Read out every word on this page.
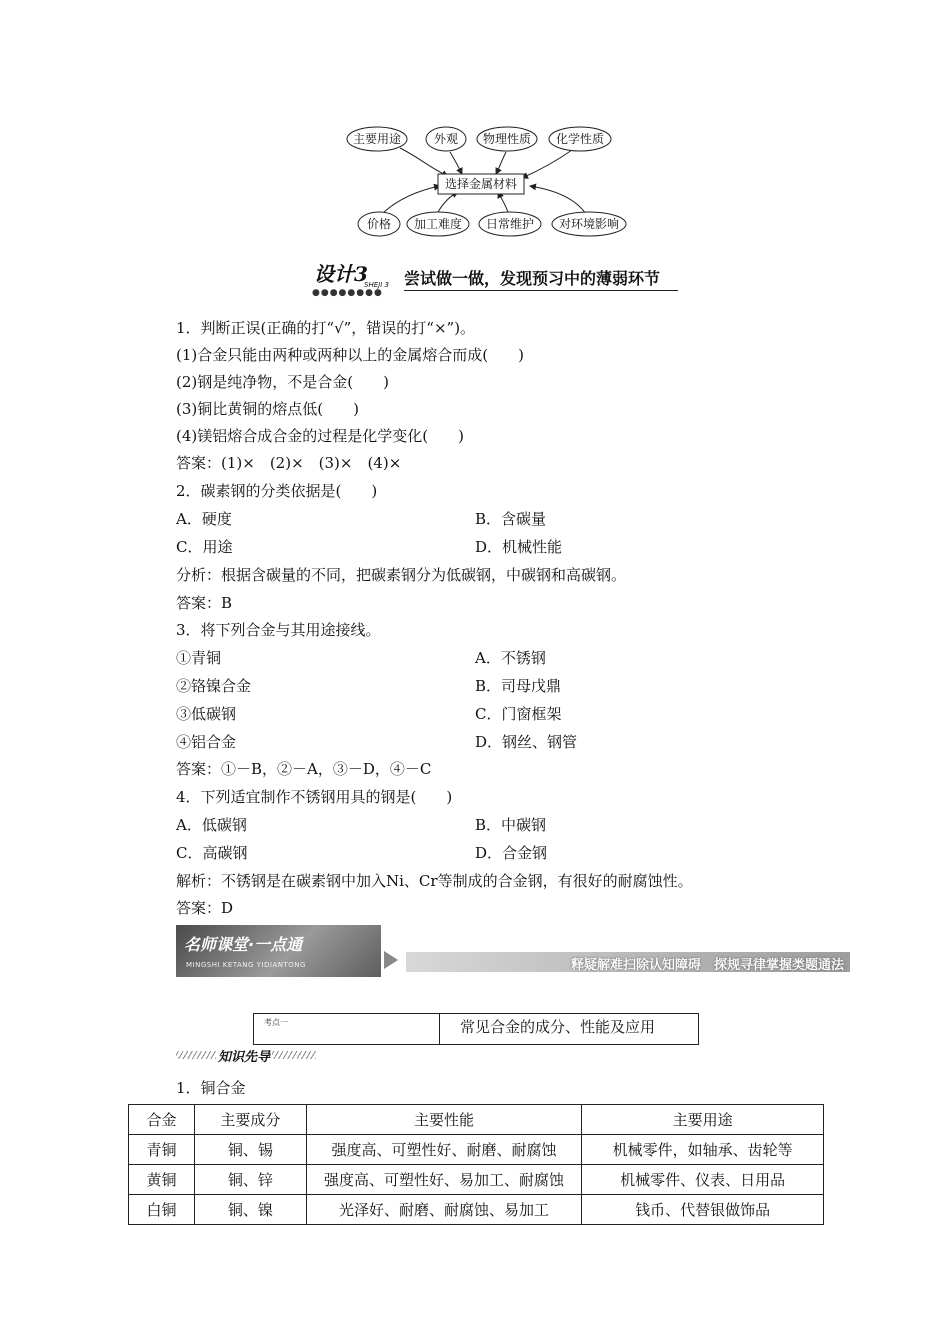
主要用途	外观 物理性质 化学性质
选择金属材料
价格 加工难度 日常维护 对环境影响
设计3
SHEJI 3
●●●●●●●●
尝试做一做，发现预习中的薄弱环节
1．判断正误(正确的打“√”，错误的打“×”)。
(1)合金只能由两种或两种以上的金属熔合而成(　　)
(2)钢是纯净物，不是合金(　　)
(3)铜比黄铜的熔点低(　　)
(4)镁铝熔合成合金的过程是化学变化(　　)
答案：(1)×　(2)×　(3)×　(4)×
2．碳素钢的分类依据是(　　)
A．硬度	B．含碳量
C．用途	D．机械性能
分析：根据含碳量的不同，把碳素钢分为低碳钢，中碳钢和高碳钢。
答案：B
3．将下列合金与其用途接线。
①青铜	A．不锈钢
②铬镍合金	B．司母戊鼎
③低碳钢	C．门窗框架
④铝合金	D．钢丝、钢管
答案：①－B，②－A，③－D，④－C
4．下列适宜制作不锈钢用具的钢是(　　)
A．低碳钢	B．中碳钢
C．高碳钢	D．合金钢
解析：不锈钢是在碳素钢中加入Ni、Cr等制成的合金钢，有很好的耐腐蚀性。
答案：D
名师课堂·一点通
MINGSHI KETANG YIDIANTONG	释疑解难扫除认知障碍　探规寻律掌握类题通法
考点一	常见合金的成分、性能及应用
知识先导
1．铜合金
合金	主要成分	主要性能	主要用途
青铜	铜、锡	强度高、可塑性好、耐磨、耐腐蚀	机械零件，如轴承、齿轮等
黄铜	铜、锌	强度高、可塑性好、易加工、耐腐蚀	机械零件、仪表、日用品
白铜	铜、镍	光泽好、耐磨、耐腐蚀、易加工	钱币、代替银做饰品
